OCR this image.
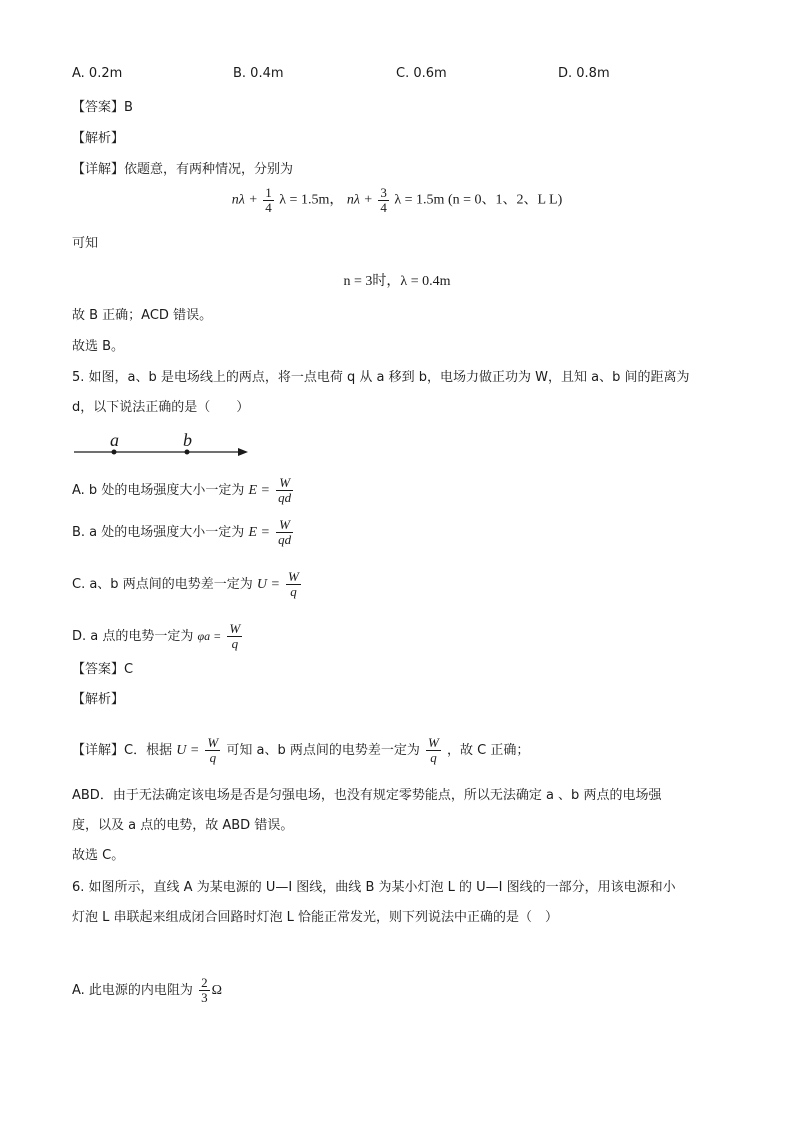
A. 0.2m	B. 0.4m	C. 0.6m	D. 0.8m
【答案】B
【解析】
【详解】依题意，有两种情况，分别为
$n\lambda + \frac{1}{4}$ λ = 1.5m， $n\lambda + \frac{3}{4}$ λ = 1.5m (n = 0、1、2、L L)
可知
n = 3时，λ = 0.4m
故 B 正确；ACD 错误。
故选 B。
5. 如图，a、b 是电场线上的两点，将一点电荷 q 从 a 移到 b，电场力做正功为 W，且知 a、b 间的距离为
d，以下说法正确的是（　　）
a	b
A. b 处的电场强度大小一定为 $E = \frac{W}{qd}$
B. a 处的电场强度大小一定为 $E = \frac{W}{qd}$
C. a、b 两点间的电势差一定为 $U = \frac{W}{q}$
D. a 点的电势一定为 $\varphi a = \frac{W}{q}$
【答案】C
【解析】
【详解】C．根据 $U = \frac{W}{q}$ 可知 a、b 两点间的电势差一定为 $\frac{W}{q}$ ，故 C 正确；
ABD．由于无法确定该电场是否是匀强电场，也没有规定零势能点，所以无法确定 a 、b 两点的电场强
度，以及 a 点的电势，故 ABD 错误。
故选 C。
6. 如图所示，直线 A 为某电源的 U—I 图线，曲线 B 为某小灯泡 L 的 U—I 图线的一部分，用该电源和小
灯泡 L 串联起来组成闭合回路时灯泡 L 恰能正常发光，则下列说法中正确的是（　）
A. 此电源的内电阻为 $\frac{2}{3}$ Ω
